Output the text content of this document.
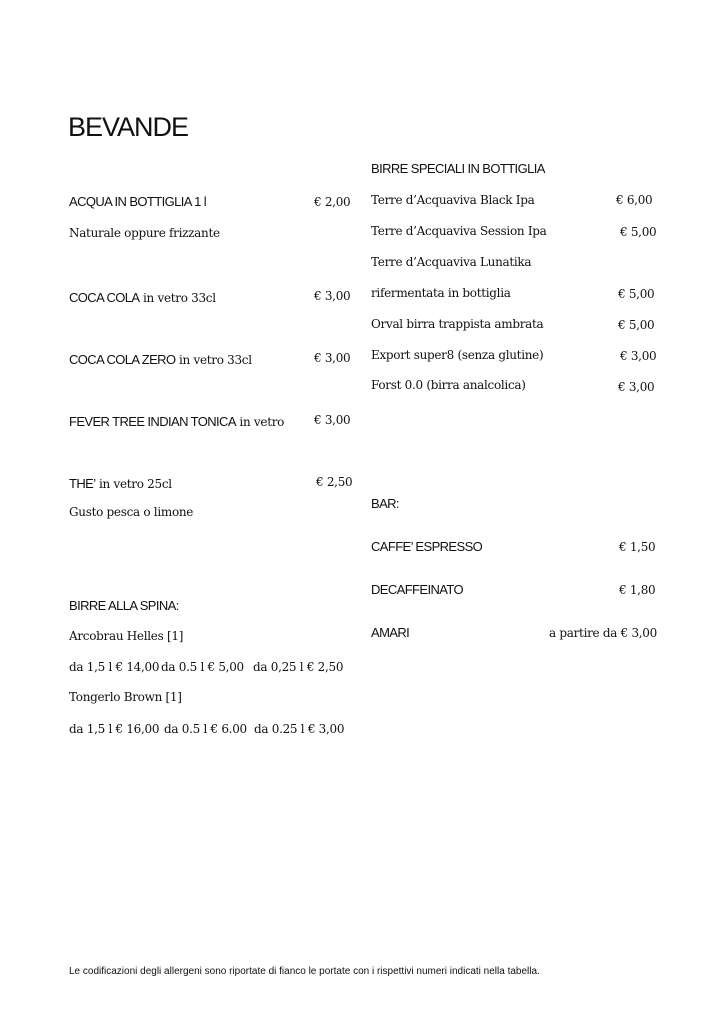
BEVANDE
ACQUA IN BOTTIGLIA 1 l	€ 2,00
Naturale oppure frizzante
COCA COLA in vetro 33cl	€ 3,00
COCA COLA ZERO in vetro 33cl	€ 3,00
FEVER TREE INDIAN TONICA in vetro € 3,00
THE’ in vetro 25cl	€ 2,50
Gusto pesca o limone
BIRRE ALLA SPINA:
Arcobrau Helles [1]
da 1,5 l € 14,00 da 0.5 l € 5,00 da 0,25 l € 2,50
Tongerlo Brown [1]
da 1,5 l € 16,00 da 0.5 l € 6.00 da 0.25 l € 3,00
BIRRE SPECIALI IN BOTTIGLIA
Terre d’Acquaviva Black Ipa	€ 6,00
Terre d’Acquaviva Session Ipa	€ 5,00
Terre d’Acquaviva Lunatika
rifermentata in bottiglia	€ 5,00
Orval birra trappista ambrata	€ 5,00
Export super8 (senza glutine)	€ 3,00
Forst 0.0 (birra analcolica)	€ 3,00
BAR:
CAFFE’ ESPRESSO	€ 1,50
DECAFFEINATO	€ 1,80
AMARI	a partire da € 3,00
Le codificazioni degli allergeni sono riportate di fianco le portate con i rispettivi numeri indicati nella tabella.
